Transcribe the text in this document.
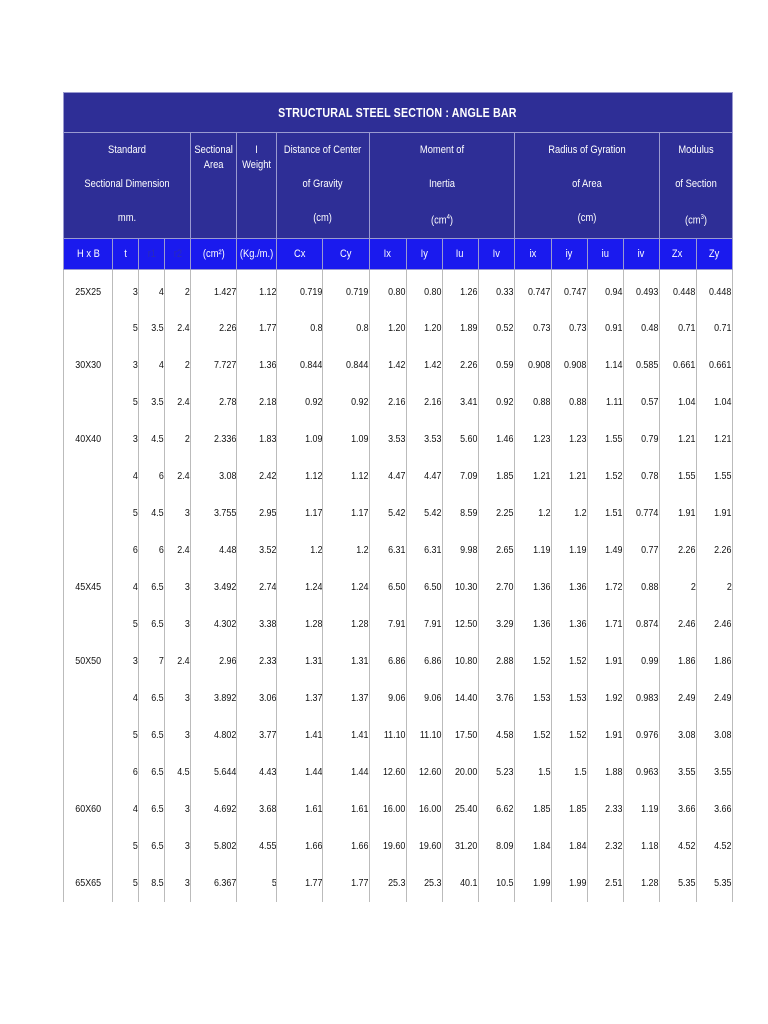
STRUCTURAL STEEL SECTION : ANGLE BAR																	

Standard
Sectional Dimension
mm.				Sectional
Area	I
Weight	Distance of Center
of Gravity
(cm)		Moment of
Inertia
$(cm^4)$				Radius of Gyration
of Area
(cm)				Modulus
of Section
$(cm^3)$	

H x B	t	r1	r2	(cm²)	(Kg./m.)	Cx	Cy	Ix	Iy	Iu	Iv	ix	iy	iu	iv	Zx	Zy

25X25	3	4	2	1.427	1.12	0.719	0.719	0.80	0.80	1.26	0.33	0.747	0.747	0.94	0.493	0.448	0.448
	5	3.5	2.4	2.26	1.77	0.8	0.8	1.20	1.20	1.89	0.52	0.73	0.73	0.91	0.48	0.71	0.71
30X30	3	4	2	7.727	1.36	0.844	0.844	1.42	1.42	2.26	0.59	0.908	0.908	1.14	0.585	0.661	0.661
	5	3.5	2.4	2.78	2.18	0.92	0.92	2.16	2.16	3.41	0.92	0.88	0.88	1.11	0.57	1.04	1.04
40X40	3	4.5	2	2.336	1.83	1.09	1.09	3.53	3.53	5.60	1.46	1.23	1.23	1.55	0.79	1.21	1.21
	4	6	2.4	3.08	2.42	1.12	1.12	4.47	4.47	7.09	1.85	1.21	1.21	1.52	0.78	1.55	1.55
	5	4.5	3	3.755	2.95	1.17	1.17	5.42	5.42	8.59	2.25	1.2	1.2	1.51	0.774	1.91	1.91
	6	6	2.4	4.48	3.52	1.2	1.2	6.31	6.31	9.98	2.65	1.19	1.19	1.49	0.77	2.26	2.26
45X45	4	6.5	3	3.492	2.74	1.24	1.24	6.50	6.50	10.30	2.70	1.36	1.36	1.72	0.88	2	2
	5	6.5	3	4.302	3.38	1.28	1.28	7.91	7.91	12.50	3.29	1.36	1.36	1.71	0.874	2.46	2.46
50X50	3	7	2.4	2.96	2.33	1.31	1.31	6.86	6.86	10.80	2.88	1.52	1.52	1.91	0.99	1.86	1.86
	4	6.5	3	3.892	3.06	1.37	1.37	9.06	9.06	14.40	3.76	1.53	1.53	1.92	0.983	2.49	2.49
	5	6.5	3	4.802	3.77	1.41	1.41	11.10	11.10	17.50	4.58	1.52	1.52	1.91	0.976	3.08	3.08
	6	6.5	4.5	5.644	4.43	1.44	1.44	12.60	12.60	20.00	5.23	1.5	1.5	1.88	0.963	3.55	3.55
60X60	4	6.5	3	4.692	3.68	1.61	1.61	16.00	16.00	25.40	6.62	1.85	1.85	2.33	1.19	3.66	3.66
	5	6.5	3	5.802	4.55	1.66	1.66	19.60	19.60	31.20	8.09	1.84	1.84	2.32	1.18	4.52	4.52
65X65	5	8.5	3	6.367	5	1.77	1.77	25.3	25.3	40.1	10.5	1.99	1.99	2.51	1.28	5.35	5.35
